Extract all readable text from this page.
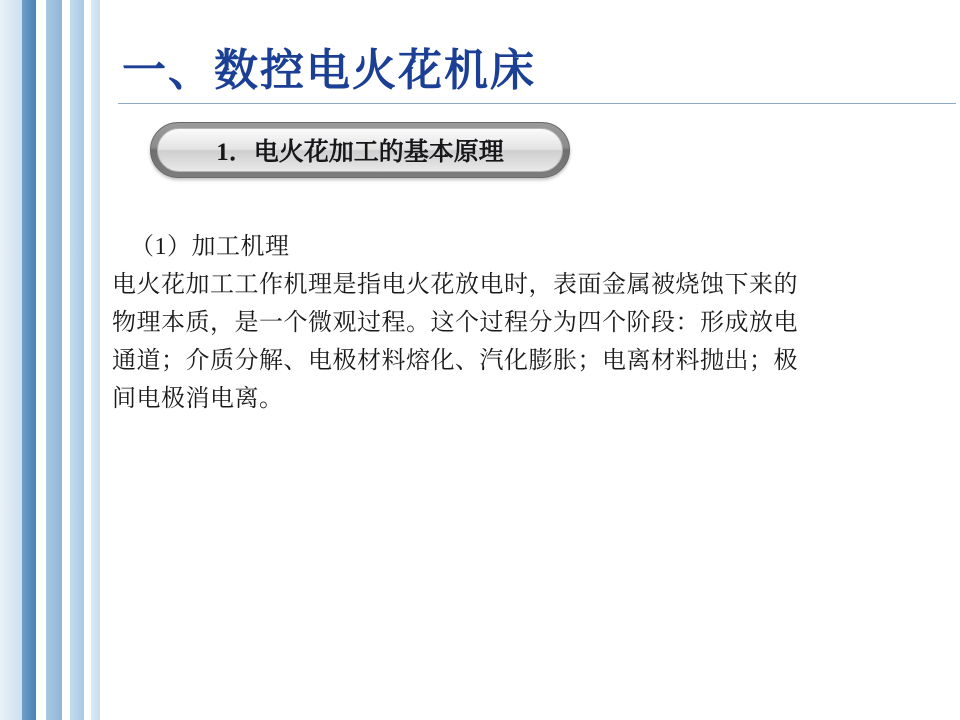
一、数控电火花机床
1．电火花加工的基本原理
（1）加工机理
电火花加工工作机理是指电火花放电时，表面金属被烧蚀下来的
物理本质，是一个微观过程。这个过程分为四个阶段：形成放电
通道；介质分解、电极材料熔化、汽化膨胀；电离材料抛出；极
间电极消电离。
